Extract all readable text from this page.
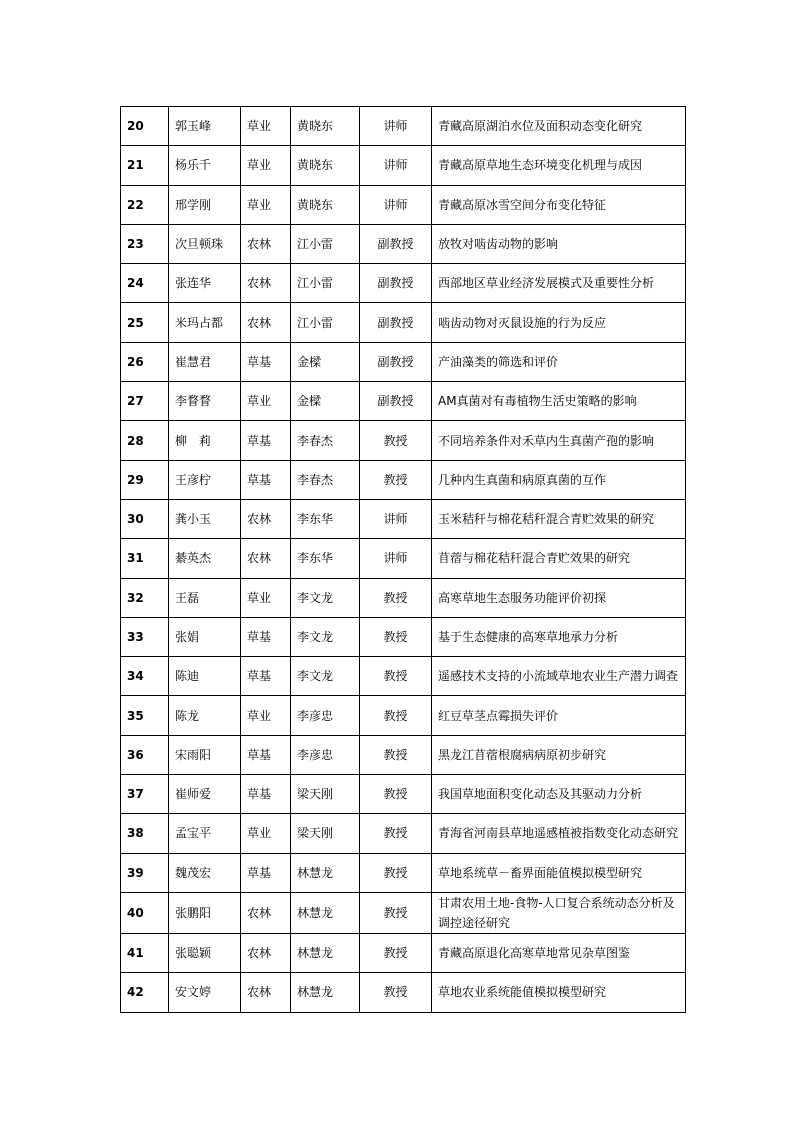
20	郭玉峰	草业	黄晓东	讲师	青藏高原湖泊水位及面积动态变化研究
21	杨乐千	草业	黄晓东	讲师	青藏高原草地生态环境变化机理与成因
22	邢学刚	草业	黄晓东	讲师	青藏高原冰雪空间分布变化特征
23	次旦顿珠	农林	江小雷	副教授	放牧对啮齿动物的影响
24	张连华	农林	江小雷	副教授	西部地区草业经济发展模式及重要性分析
25	米玛占都	农林	江小雷	副教授	啮齿动物对灭鼠设施的行为反应
26	崔慧君	草基	金樑	副教授	产油藻类的筛选和评价
27	李瞀瞀	草业	金樑	副教授	AM真菌对有毒植物生活史策略的影响
28	柳　莉	草基	李春杰	教授	不同培养条件对禾草内生真菌产孢的影响
29	王彦柠	草基	李春杰	教授	几种内生真菌和病原真菌的互作
30	龚小玉	农林	李东华	讲师	玉米秸秆与棉花秸秆混合青贮效果的研究
31	綦英杰	农林	李东华	讲师	苜蓿与棉花秸秆混合青贮效果的研究
32	王磊	草业	李文龙	教授	高寒草地生态服务功能评价初探
33	张娟	草基	李文龙	教授	基于生态健康的高寒草地承力分析
34	陈迪	草基	李文龙	教授	遥感技术支持的小流域草地农业生产潜力调查
35	陈龙	草业	李彦忠	教授	红豆草茎点霉损失评价
36	宋雨阳	草基	李彦忠	教授	黑龙江苜蓿根腐病病原初步研究
37	崔师爱	草基	梁天刚	教授	我国草地面积变化动态及其驱动力分析
38	孟宝平	草业	梁天刚	教授	青海省河南县草地遥感植被指数变化动态研究
39	魏茂宏	草基	林慧龙	教授	草地系统草－畜界面能值模拟模型研究
40	张鹏阳	农林	林慧龙	教授	甘肃农用土地-食物-人口复合系统动态分析及调控途径研究
41	张聪颖	农林	林慧龙	教授	青藏高原退化高寒草地常见杂草图鉴
42	安文婷	农林	林慧龙	教授	草地农业系统能值模拟模型研究
